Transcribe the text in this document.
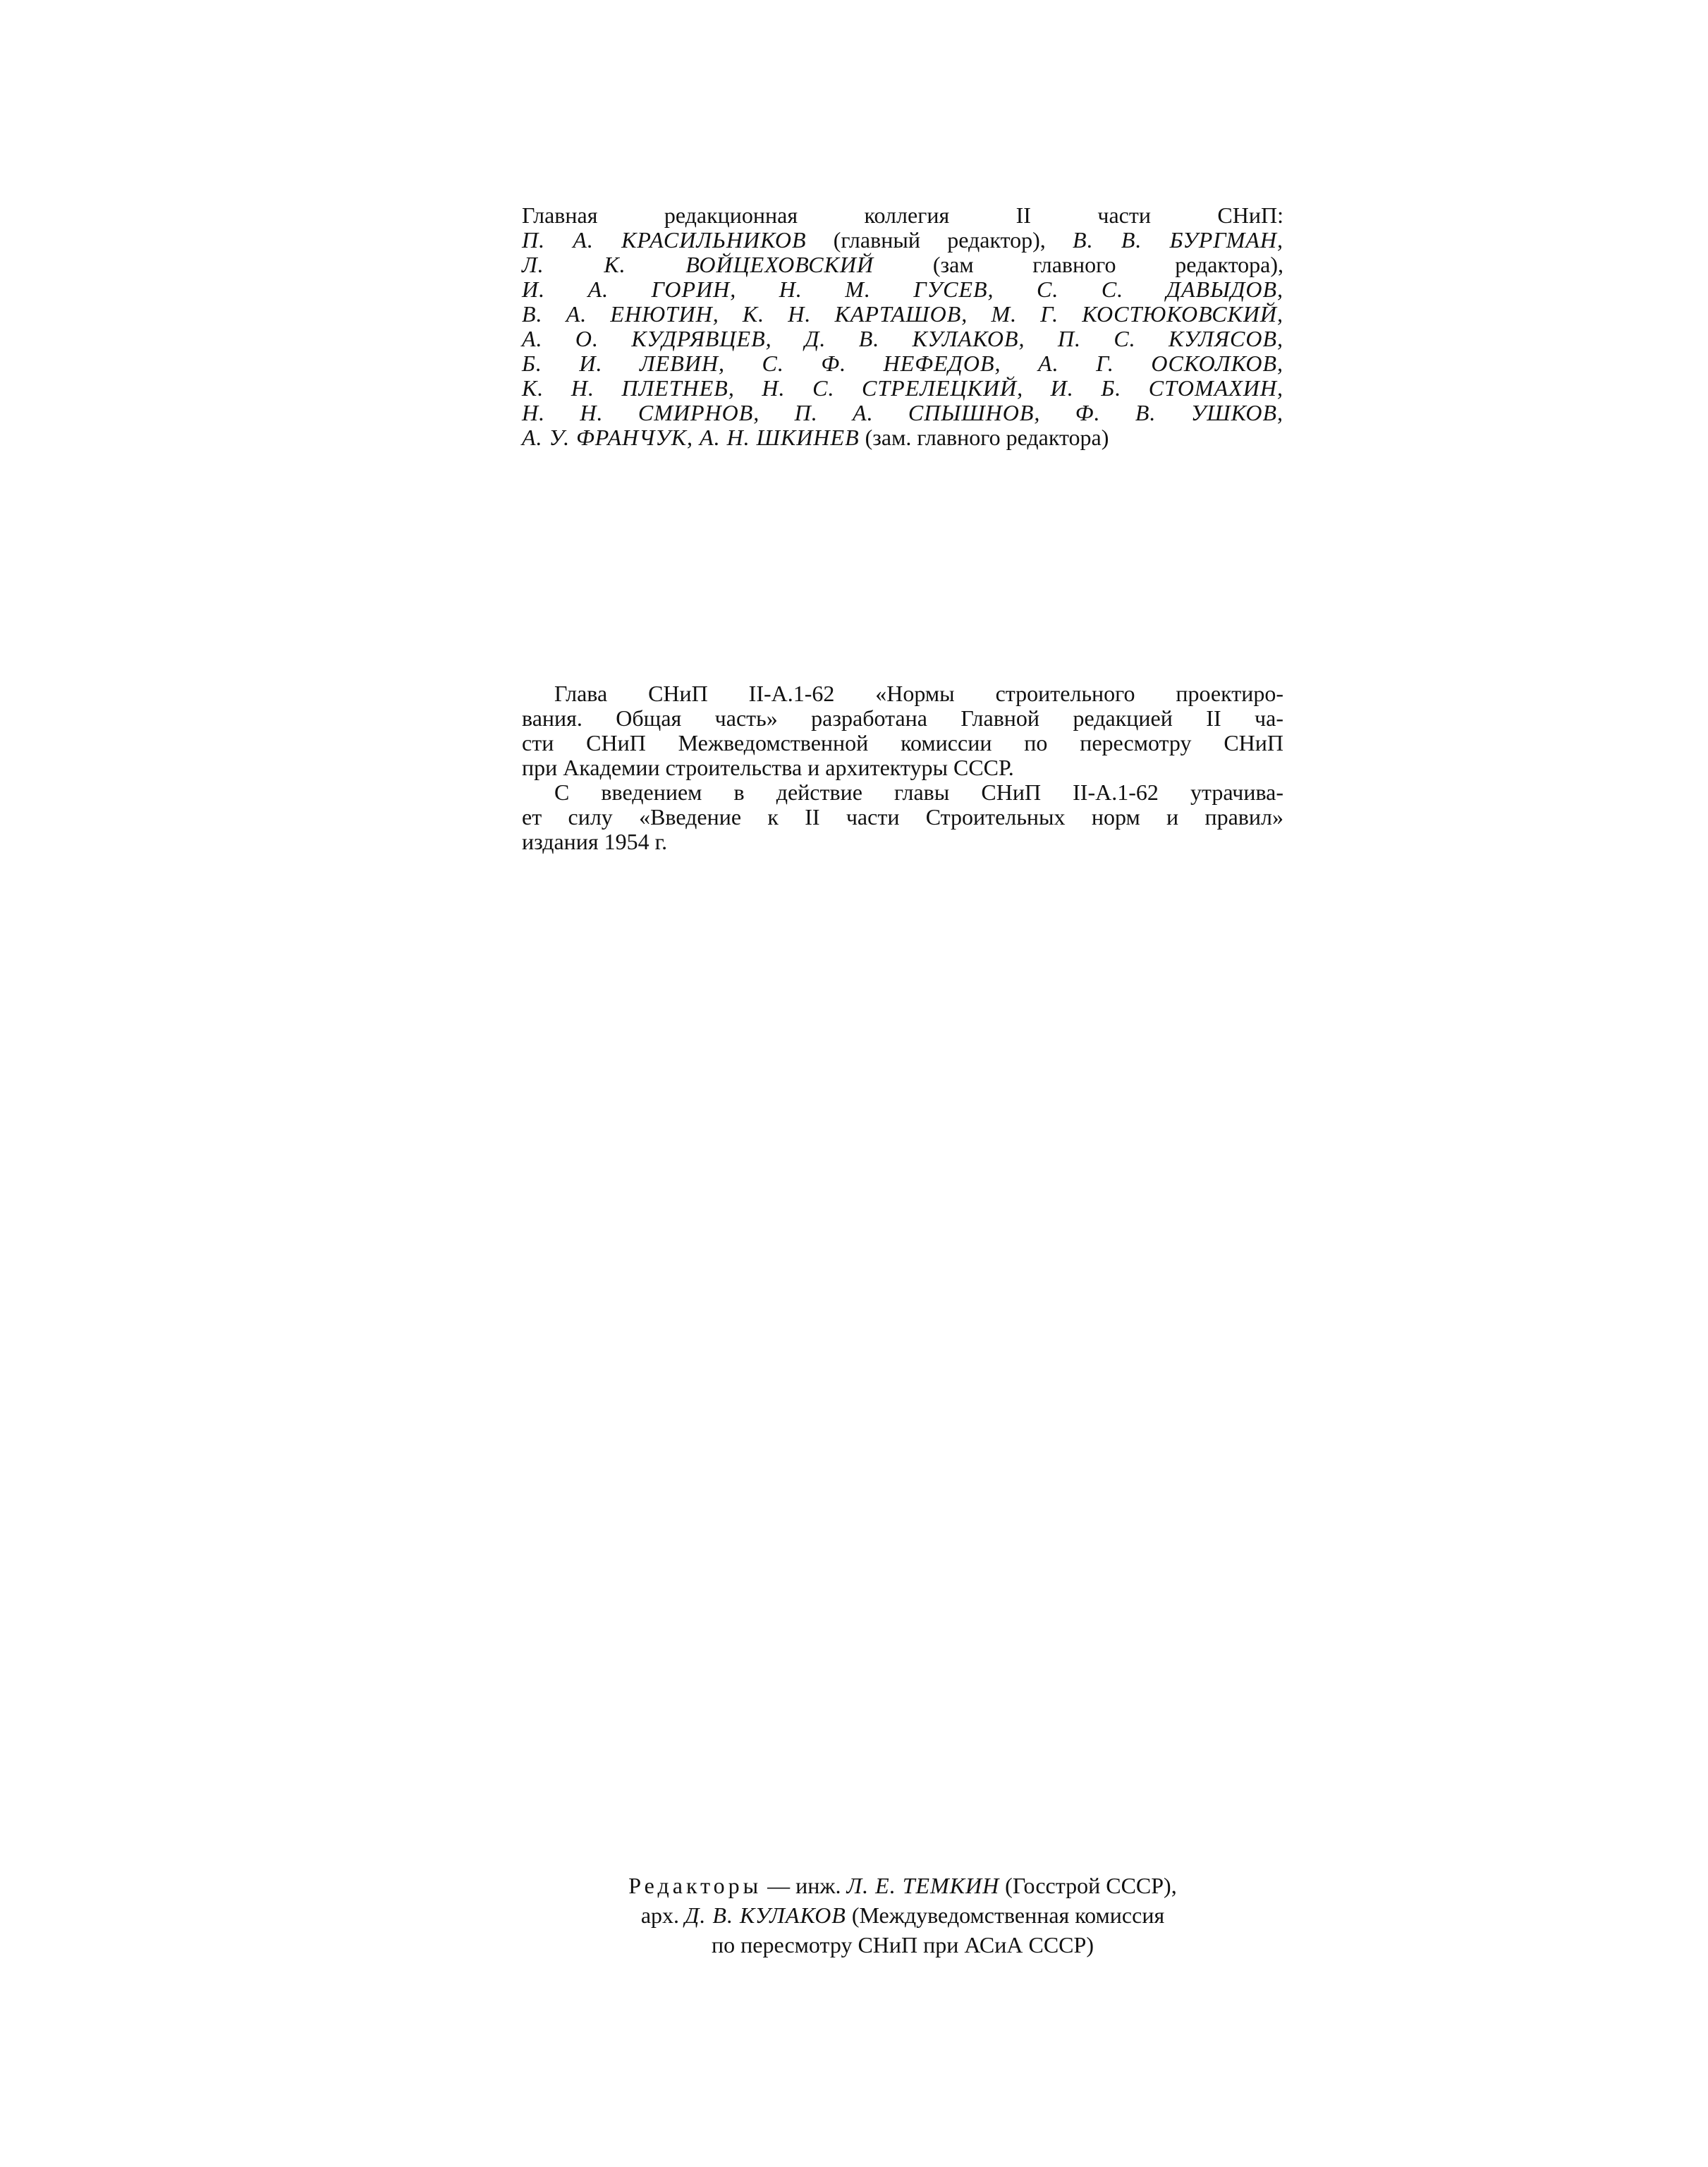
Главная редакционная коллегия II части СНиП:
П. А. КРАСИЛЬНИКОВ (главный редактор), В. В. БУРГМАН,
Л. К. ВОЙЦЕХОВСКИЙ (зам главного редактора),
И. А. ГОРИН, Н. М. ГУСЕВ, С. С. ДАВЫДОВ,
В. А. ЕНЮТИН, К. Н. КАРТАШОВ, М. Г. КОСТЮКОВСКИЙ,
А. О. КУДРЯВЦЕВ, Д. В. КУЛАКОВ, П. С. КУЛЯСОВ,
Б. И. ЛЕВИН, С. Ф. НЕФЕДОВ, А. Г. ОСКОЛКОВ,
К. Н. ПЛЕТНЕВ, Н. С. СТРЕЛЕЦКИЙ, И. Б. СТОМАХИН,
Н. Н. СМИРНОВ, П. А. СПЫШНОВ, Ф. В. УШКОВ,
А. У. ФРАНЧУК, А. Н. ШКИНЕВ (зам. главного редактора)
Глава СНиП II-А.1-62 «Нормы строительного проектиро-
вания. Общая часть» разработана Главной редакцией II ча-
сти СНиП Межведомственной комиссии по пересмотру СНиП
при Академии строительства и архитектуры СССР.
С введением в действие главы СНиП II-А.1-62 утрачива-
ет силу «Введение к II части Строительных норм и правил»
издания 1954 г.
Редакторы — инж. Л. Е. ТЕМКИН (Госстрой СССР),
арх. Д. В. КУЛАКОВ (Междуведомственная комиссия
по пересмотру СНиП при АСиА СССР)
